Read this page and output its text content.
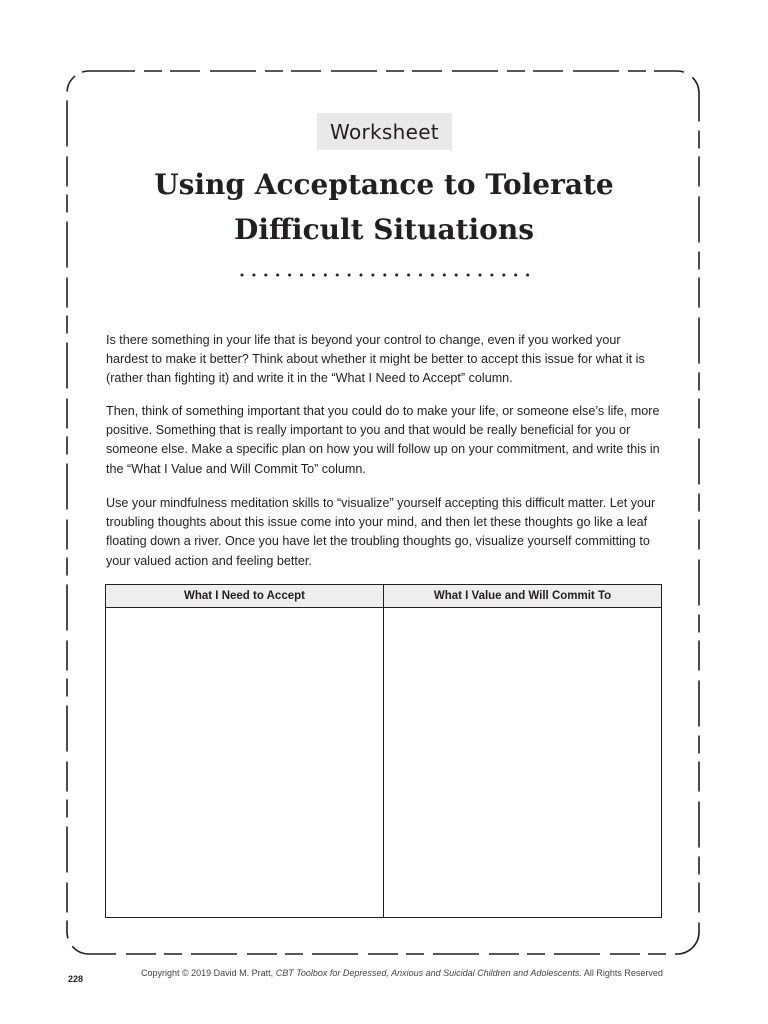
Worksheet
Using Acceptance to Tolerate
Difficult Situations

Is there something in your life that is beyond your control to change, even if you worked your hardest to make it better? Think about whether it might be better to accept this issue for what it is (rather than fighting it) and write it in the “What I Need to Accept” column.

Then, think of something important that you could do to make your life, or someone else’s life, more positive. Something that is really important to you and that would be really beneficial for you or someone else. Make a specific plan on how you will follow up on your commitment, and write this in the “What I Value and Will Commit To” column.

Use your mindfulness meditation skills to “visualize” yourself accepting this difficult matter. Let your troubling thoughts about this issue come into your mind, and then let these thoughts go like a leaf floating down a river. Once you have let the troubling thoughts go, visualize yourself committing to your valued action and feeling better.

What I Need to Accept	What I Value and Will Commit To

228
Copyright © 2019 David M. Pratt, CBT Toolbox for Depressed, Anxious and Suicidal Children and Adolescents. All Rights Reserved
